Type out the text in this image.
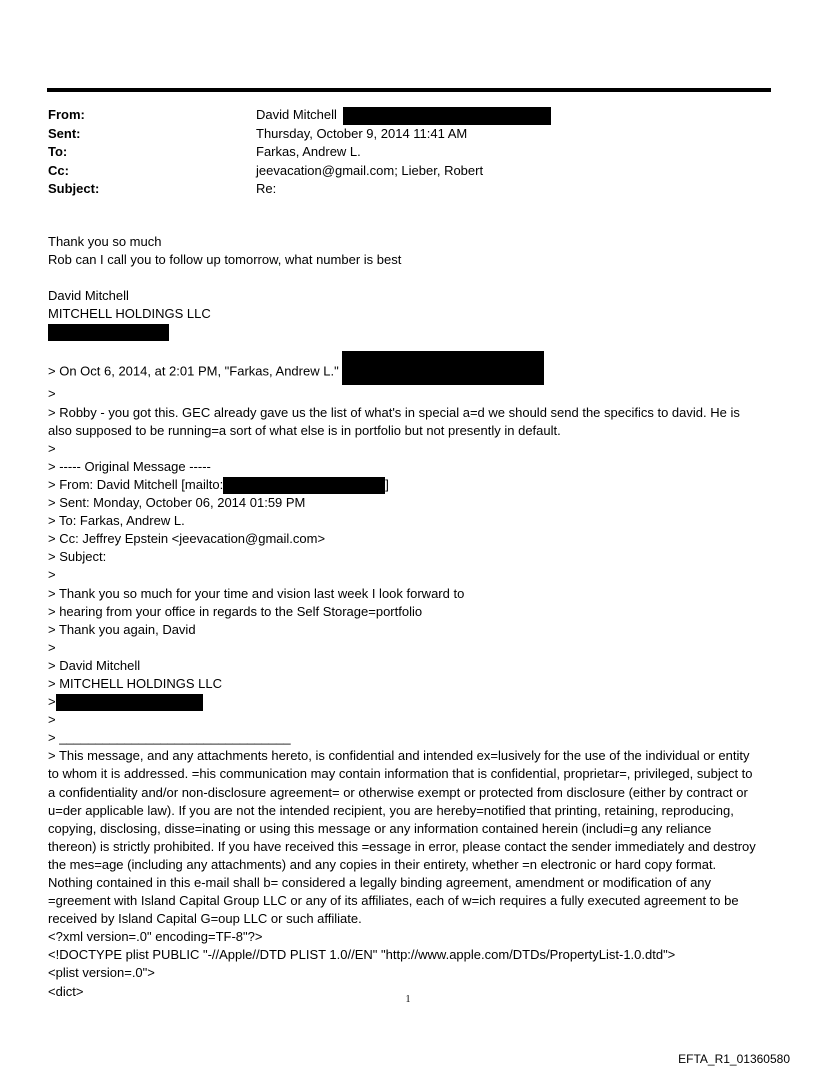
From:	David Mitchell
Sent:	Thursday, October 9, 2014 11:41 AM
To:	Farkas, Andrew L.
Cc:	jeevacation@gmail.com; Lieber, Robert
Subject:	Re:
Thank you so much
Rob can I call you to follow up tomorrow, what number is best
David Mitchell
MITCHELL HOLDINGS LLC
> On Oct 6, 2014, at 2:01 PM, "Farkas, Andrew L."
>
> Robby - you got this. GEC already gave us the list of what's in special a=d we should send the specifics to david. He is also supposed to be running=a sort of what else is in portfolio but not presently in default.
>
> ----- Original Message -----
> From: David Mitchell [mailto:	]
> Sent: Monday, October 06, 2014 01:59 PM
> To: Farkas, Andrew L.
> Cc: Jeffrey Epstein <jeevacation@gmail.com>
> Subject:
>
> Thank you so much for your time and vision last week I look forward to
> hearing from your office in regards to the Self Storage=portfolio
> Thank you again, David
>
> David Mitchell
> MITCHELL HOLDINGS LLC
>
>
> ________________________________
> This message, and any attachments hereto, is confidential and intended ex=lusively for the use of the individual or entity to whom it is addressed. =his communication may contain information that is confidential, proprietar=, privileged, subject to a confidentiality and/or non-disclosure agreement= or otherwise exempt or protected from disclosure (either by contract or u=der applicable law). If you are not the intended recipient, you are hereby=notified that printing, retaining, reproducing, copying, disclosing, disse=inating or using this message or any information contained herein (includi=g any reliance thereon) is strictly prohibited. If you have received this =essage in error, please contact the sender immediately and destroy the mes=age (including any attachments) and any copies in their entirety, whether =n electronic or hard copy format. Nothing contained in this e-mail shall b= considered a legally binding agreement, amendment or modification of any =greement with Island Capital Group LLC or any of its affiliates, each of w=ich requires a fully executed agreement to be received by Island Capital G=oup LLC or such affiliate.
<?xml version=.0" encoding=TF-8"?>
<!DOCTYPE plist PUBLIC "-//Apple//DTD PLIST 1.0//EN" "http://www.apple.com/DTDs/PropertyList-1.0.dtd">
<plist version=.0">
<dict>
1
EFTA_R1_01360580
